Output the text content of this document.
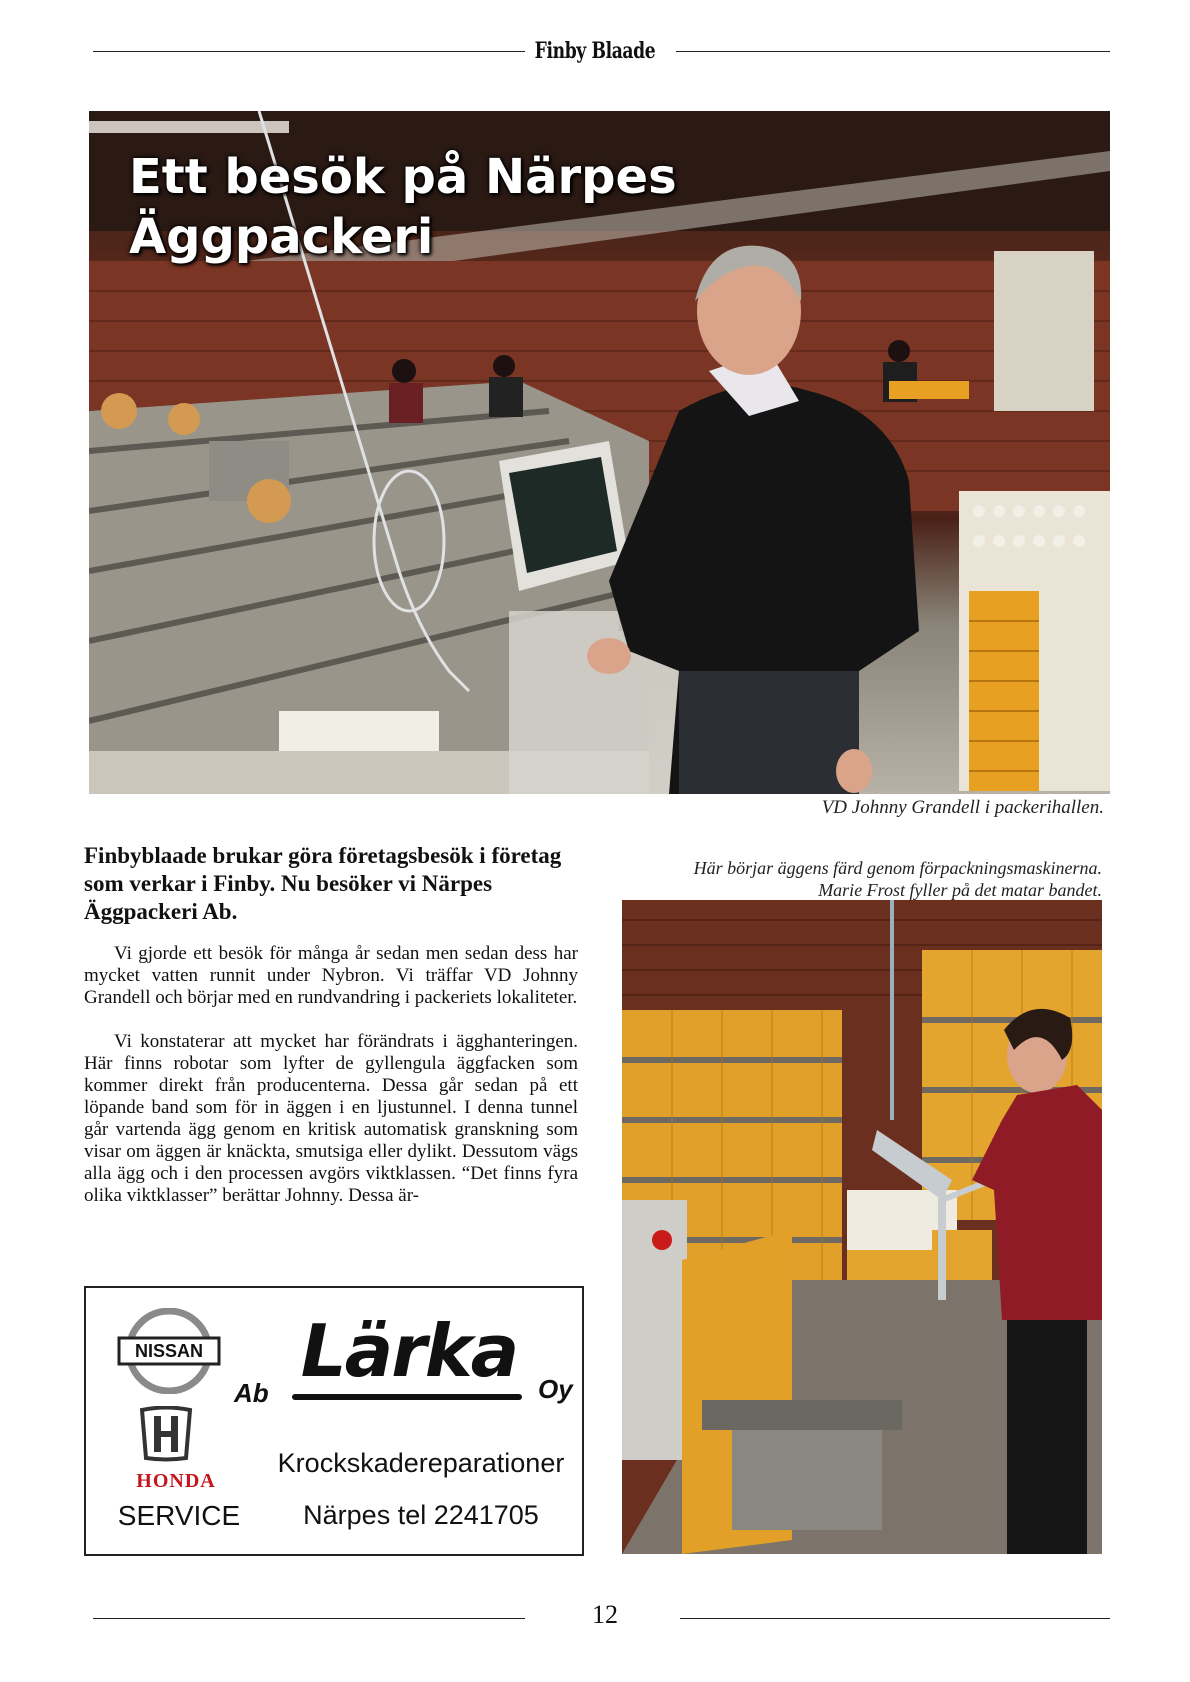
Finby Blaade
Ett besök på Närpes
Äggpackeri
VD Johnny Grandell i packerihallen.
Finbyblaade brukar göra företagsbesök i företag som verkar i Finby. Nu besöker vi Närpes Äggpackeri Ab.

Vi gjorde ett besök för många år sedan men sedan dess har mycket vatten runnit under Nybron. Vi träffar VD Johnny Grandell och börjar med en rundvandring i packeriets lokaliteter.

Vi konstaterar att mycket har förändrats i ägghanteringen. Här finns robotar som lyfter de gyllengula äggfacken som kommer direkt från producenterna. Dessa går sedan på ett löpande band som för in äggen i en ljustunnel. I denna tunnel går vartenda ägg genom en kritisk automatisk granskning som visar om äggen är knäckta, smutsiga eller dylikt. Dessutom vägs alla ägg och i den processen avgörs viktklassen. “Det finns fyra olika viktklasser” berättar Johnny. Dessa är-

Här börjar äggens färd genom förpackningsmaskinerna.
Marie Frost fyller på det matar bandet.
NISSAN
HONDA
SERVICE
Ab Lärka Oy
Krockskadereparationer
Närpes tel 2241705
12
